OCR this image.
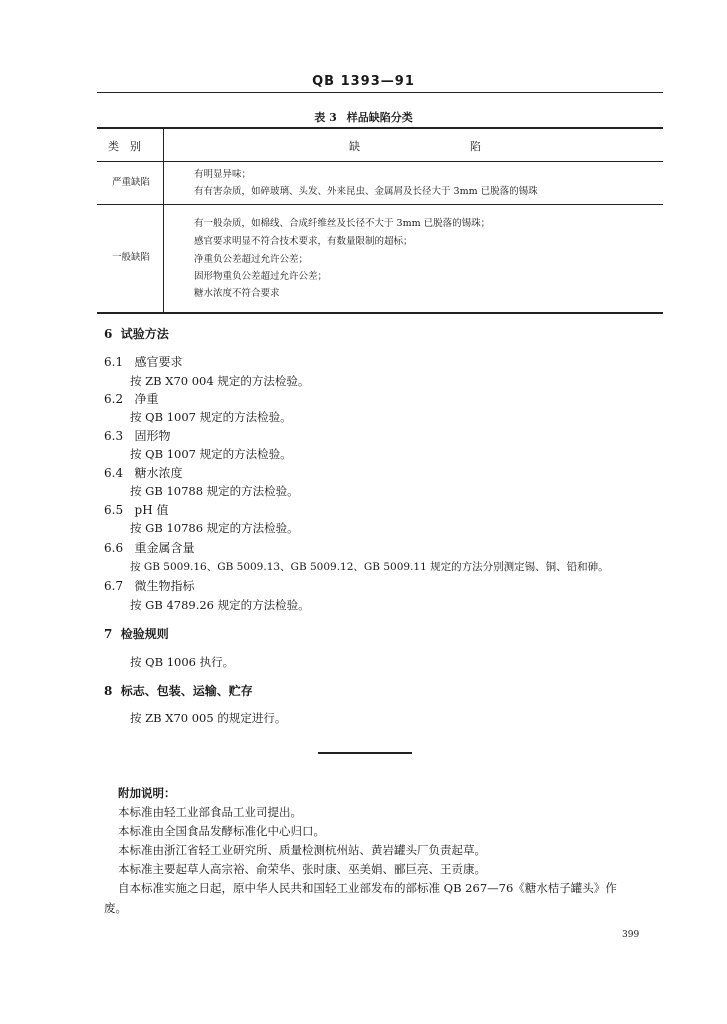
QB 1393—91
表 3 样品缺陷分类
类　别	缺　　　　　　　　　　陷
严重缺陷
有明显异味；
有有害杂质，如碎玻璃、头发、外来昆虫、金属屑及长径大于 3mm 已脱落的锡珠
一般缺陷
有一般杂质，如棉线、合成纤维丝及长径不大于 3mm 已脱落的锡珠；
感官要求明显不符合技术要求，有数量限制的超标；
净重负公差超过允许公差；
固形物重负公差超过允许公差；
糖水浓度不符合要求
6 试验方法
6.1 感官要求
按 ZB X70 004 规定的方法检验。
6.2 净重
按 QB 1007 规定的方法检验。
6.3 固形物
按 QB 1007 规定的方法检验。
6.4 糖水浓度
按 GB 10788 规定的方法检验。
6.5 pH 值
按 GB 10786 规定的方法检验。
6.6 重金属含量
按 GB 5009.16、GB 5009.13、GB 5009.12、GB 5009.11 规定的方法分别测定锡、铜、铅和砷。
6.7 微生物指标
按 GB 4789.26 规定的方法检验。
7 检验规则
按 QB 1006 执行。
8 标志、包装、运输、贮存
按 ZB X70 005 的规定进行。
附加说明：
本标准由轻工业部食品工业司提出。
本标准由全国食品发酵标准化中心归口。
本标准由浙江省轻工业研究所、质量检测杭州站、黄岩罐头厂负责起草。
本标准主要起草人高宗裕、俞荣华、张时康、巫美娟、郦巨亮、王贡康。
自本标准实施之日起，原中华人民共和国轻工业部发布的部标准 QB 267—76《糖水桔子罐头》作
废。
399
